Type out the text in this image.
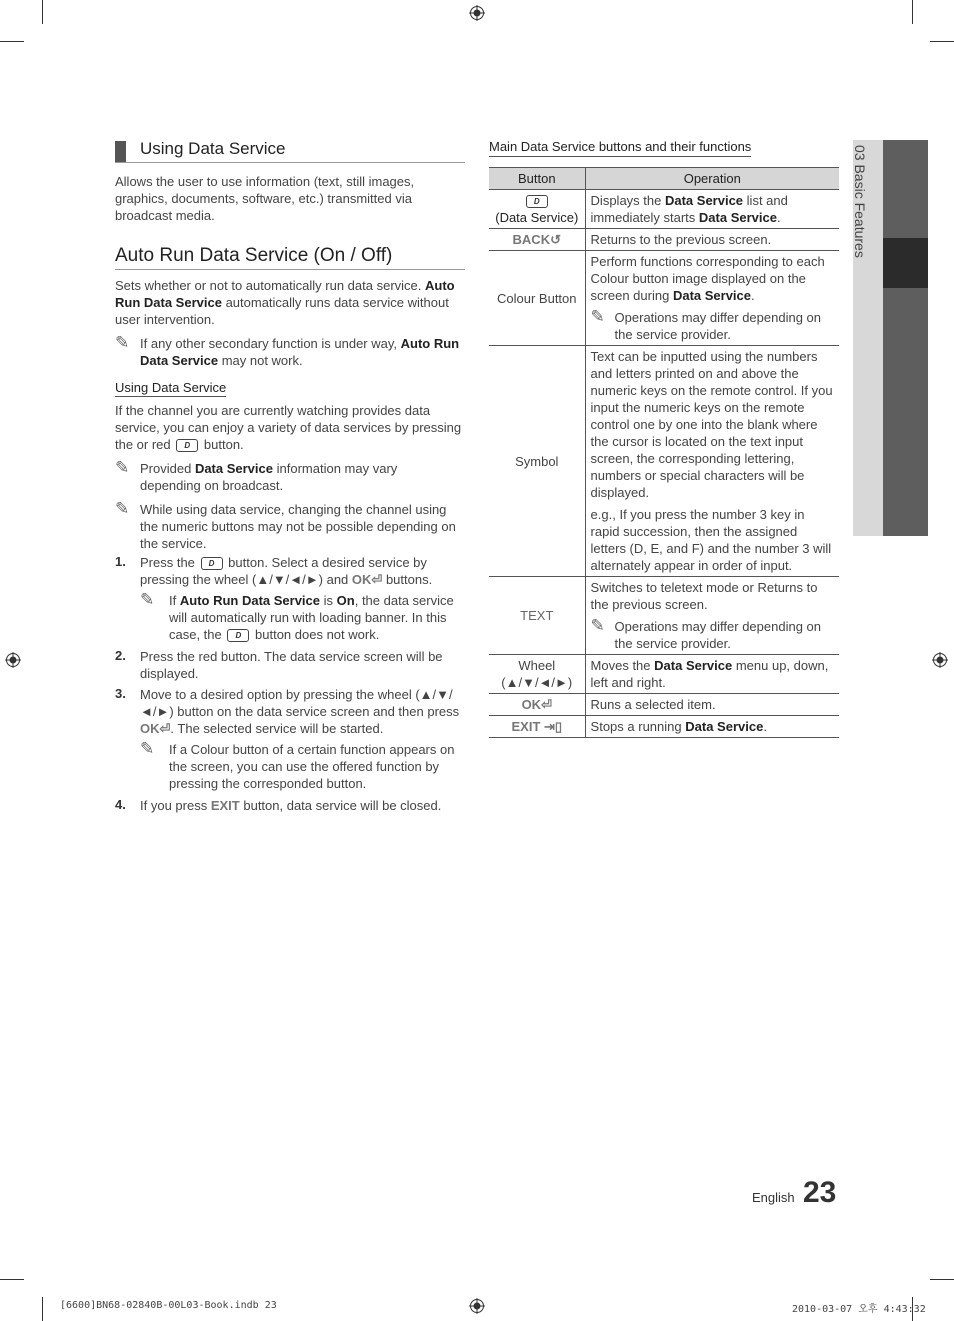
Using Data Service
Allows the user to use information (text, still images, graphics, documents, software, etc.) transmitted via broadcast media.
Auto Run Data Service (On / Off)
Sets whether or not to automatically run data service. Auto Run Data Service automatically runs data service without user intervention.
✎ If any other secondary function is under way, Auto Run Data Service may not work.
Using Data Service
If the channel you are currently watching provides data service, you can enjoy a variety of data services by pressing the or red D button.
✎ Provided Data Service information may vary depending on broadcast.
✎ While using data service, changing the channel using the numeric buttons may not be possible depending on the service.
1. Press the D button. Select a desired service by pressing the wheel (▲/▼/◄/►) and OK⏎ buttons.
✎ If Auto Run Data Service is On, the data service will automatically run with loading banner. In this case, the D button does not work.
2. Press the red button. The data service screen will be displayed.
3. Move to a desired option by pressing the wheel (▲/▼/◄/►) button on the data service screen and then press OK⏎. The selected service will be started.
✎ If a Colour button of a certain function appears on the screen, you can use the offered function by pressing the corresponded button.
4. If you press EXIT button, data service will be closed.
Main Data Service buttons and their functions
Button	Operation
D
(Data Service)	Displays the Data Service list and immediately starts Data Service.
BACK↺	Returns to the previous screen.
Colour Button	Perform functions corresponding to each Colour button image displayed on the screen during Data Service.
✎ Operations may differ depending on the service provider.

Symbol	Text can be inputted using the numbers and letters printed on and above the numeric keys on the remote control. If you input the numeric keys on the remote control one by one into the blank where the cursor is located on the text input screen, the corresponding lettering, numbers or special characters will be displayed.
e.g., If you press the number 3 key in rapid succession, then the assigned letters (D, E, and F) and the number 3 will alternately appear in order of input.

TEXT	Switches to teletext mode or Returns to the previous screen.
✎ Operations may differ depending on the service provider.

Wheel
(▲/▼/◄/►)	Moves the Data Service menu up, down, left and right.
OK⏎	Runs a selected item.
EXIT ⇥▯	Stops a running Data Service.
03 Basic Features
English 23
[6600]BN68-02840B-00L03-Book.indb 23	2010-03-07 오후 4:43:32
